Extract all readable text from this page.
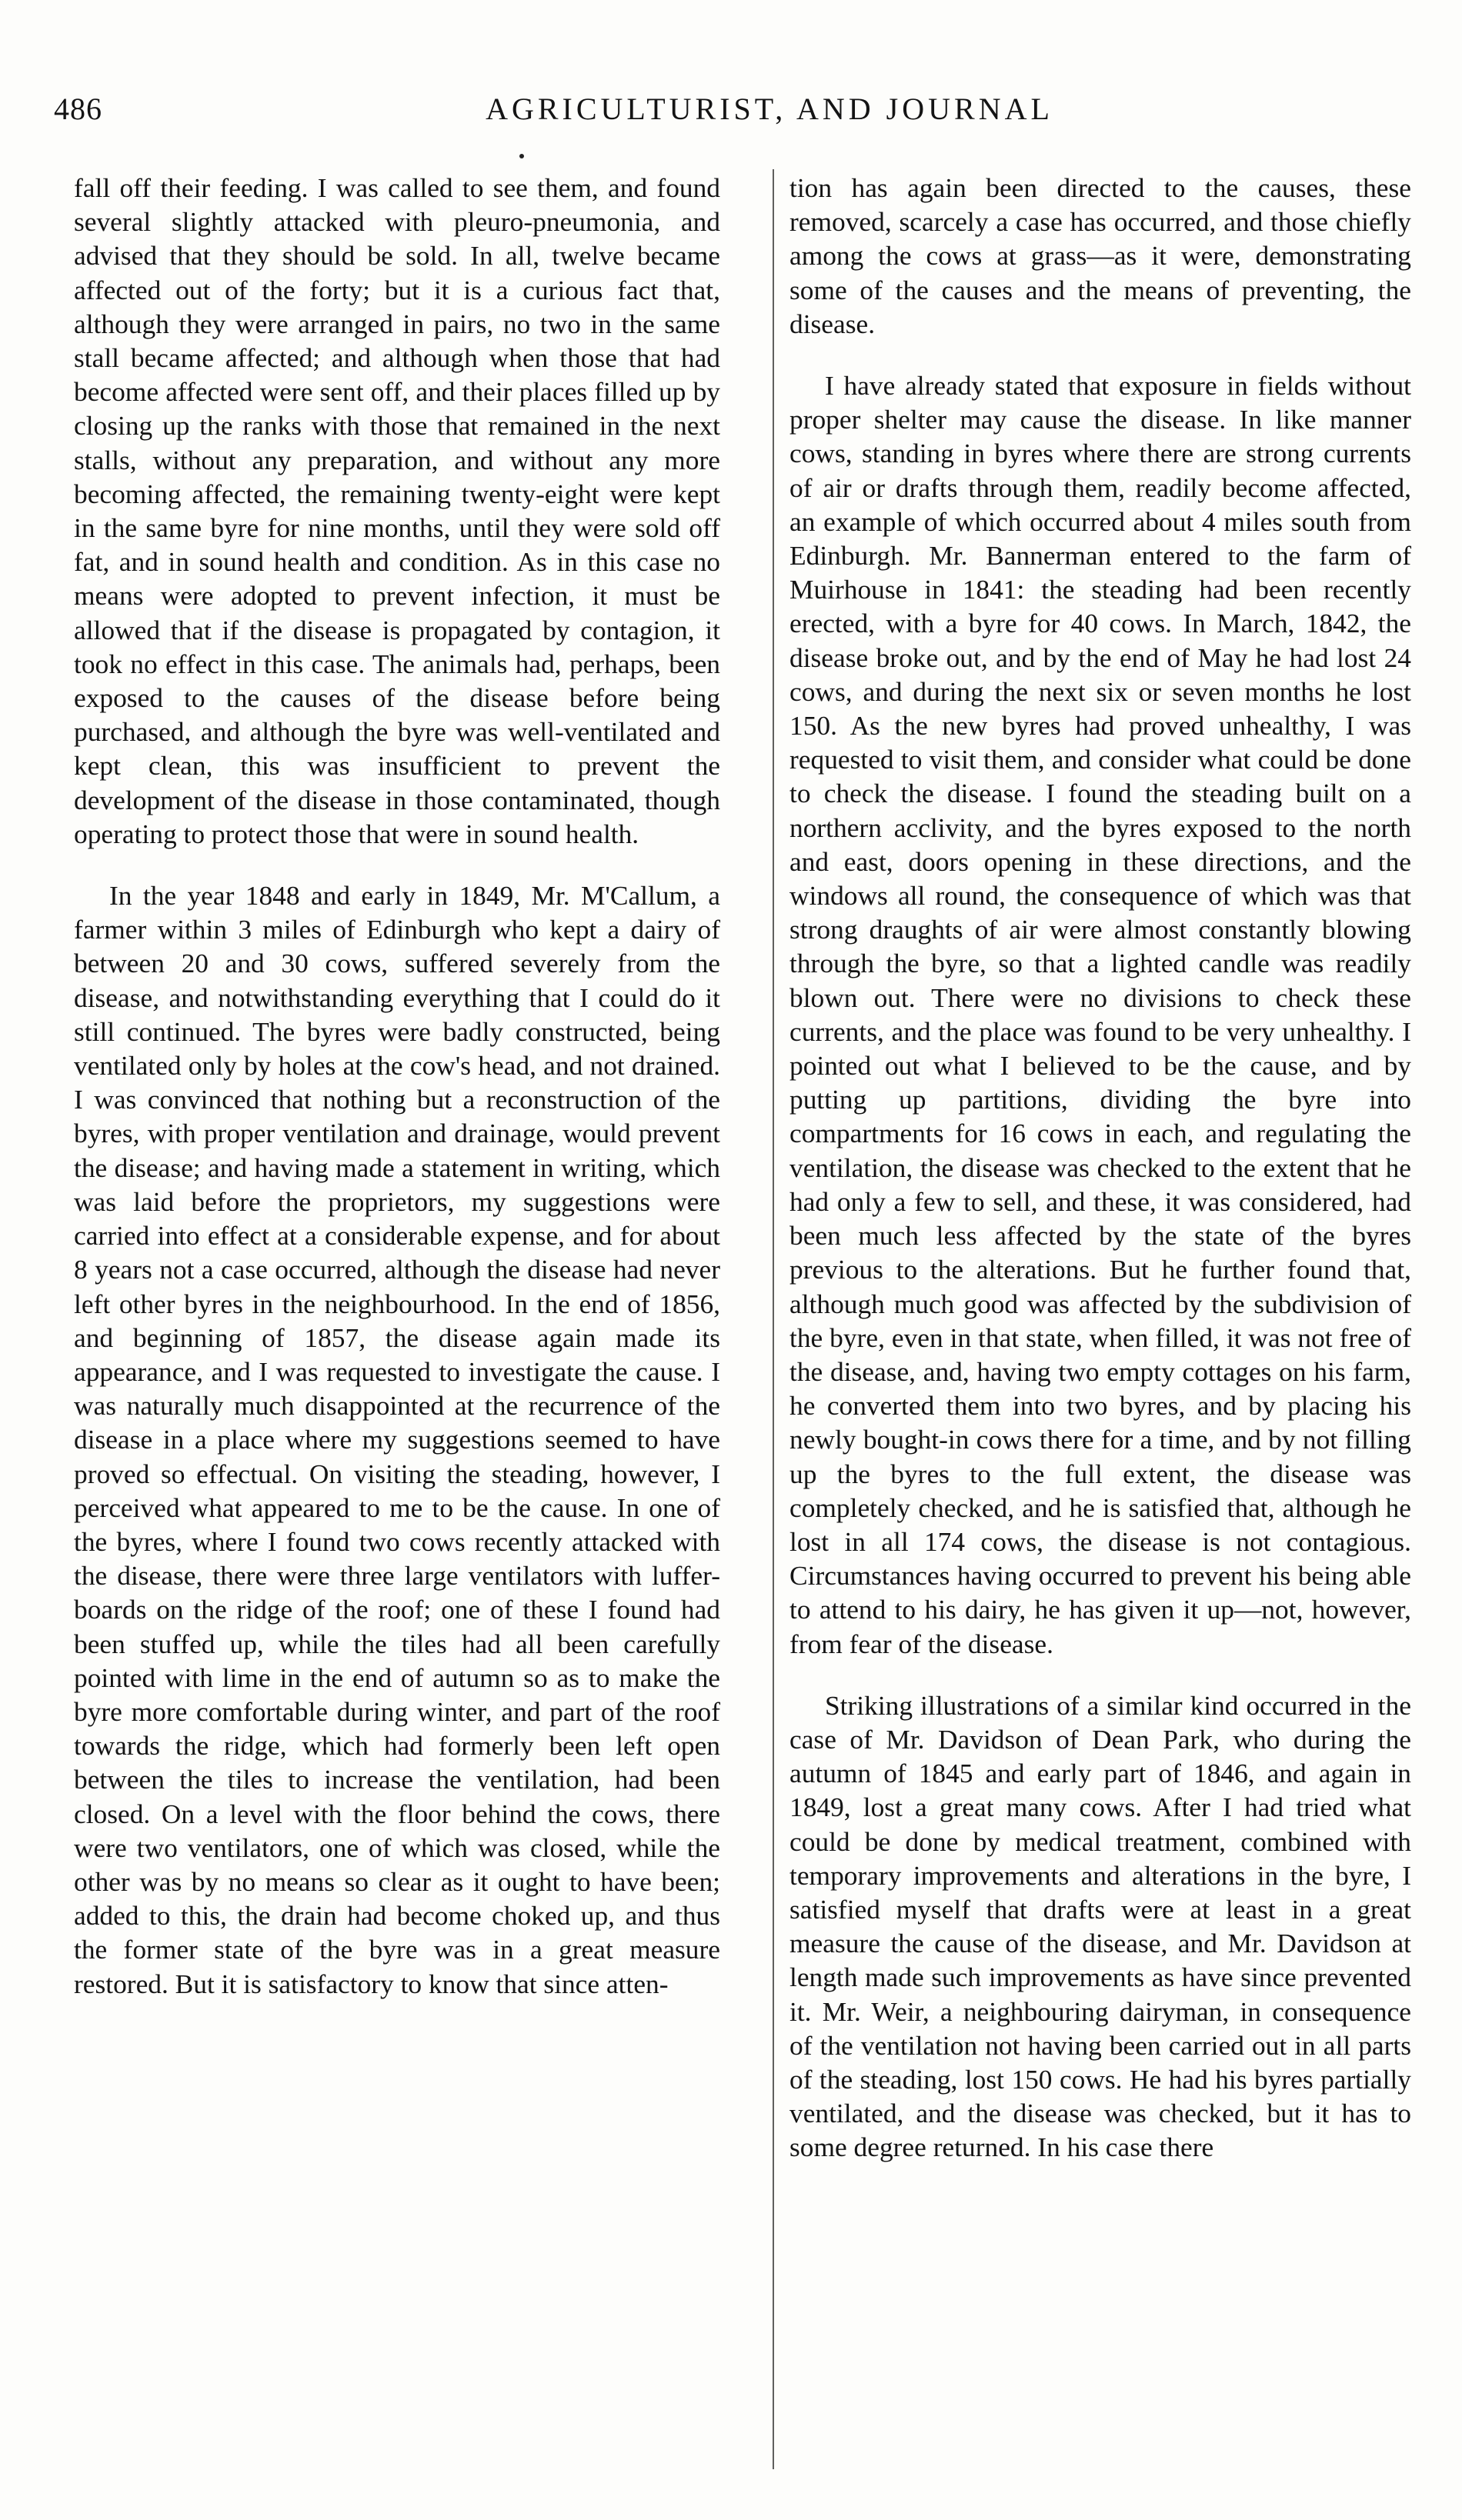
486	AGRICULTURIST, AND JOURNAL

fall off their feeding. I was called to see them, and found several slightly attacked with pleuro-pneumonia, and advised that they should be sold. In all, twelve became affected out of the forty; but it is a curious fact that, although they were arranged in pairs, no two in the same stall became affected; and although when those that had become affected were sent off, and their places filled up by closing up the ranks with those that remained in the next stalls, without any preparation, and without any more becoming affected, the remaining twenty-eight were kept in the same byre for nine months, until they were sold off fat, and in sound health and condition. As in this case no means were adopted to prevent infection, it must be allowed that if the disease is propagated by contagion, it took no effect in this case. The animals had, perhaps, been exposed to the causes of the disease before being purchased, and although the byre was well-ventilated and kept clean, this was insufficient to prevent the development of the disease in those contaminated, though operating to protect those that were in sound health.

In the year 1848 and early in 1849, Mr. M'Callum, a farmer within 3 miles of Edinburgh who kept a dairy of between 20 and 30 cows, suffered severely from the disease, and notwithstanding everything that I could do it still continued. The byres were badly constructed, being ventilated only by holes at the cow's head, and not drained. I was convinced that nothing but a reconstruction of the byres, with proper ventilation and drainage, would prevent the disease; and having made a statement in writing, which was laid before the proprietors, my suggestions were carried into effect at a considerable expense, and for about 8 years not a case occurred, although the disease had never left other byres in the neighbourhood. In the end of 1856, and beginning of 1857, the disease again made its appearance, and I was requested to investigate the cause. I was naturally much disappointed at the recurrence of the disease in a place where my suggestions seemed to have proved so effectual. On visiting the steading, however, I perceived what appeared to me to be the cause. In one of the byres, where I found two cows recently attacked with the disease, there were three large ventilators with luffer-boards on the ridge of the roof; one of these I found had been stuffed up, while the tiles had all been carefully pointed with lime in the end of autumn so as to make the byre more comfortable during winter, and part of the roof towards the ridge, which had formerly been left open between the tiles to increase the ventilation, had been closed. On a level with the floor behind the cows, there were two ventilators, one of which was closed, while the other was by no means so clear as it ought to have been; added to this, the drain had become choked up, and thus the former state of the byre was in a great measure restored. But it is satisfactory to know that since atten-

tion has again been directed to the causes, these removed, scarcely a case has occurred, and those chiefly among the cows at grass—as it were, demonstrating some of the causes and the means of preventing, the disease.

I have already stated that exposure in fields without proper shelter may cause the disease. In like manner cows, standing in byres where there are strong currents of air or drafts through them, readily become affected, an example of which occurred about 4 miles south from Edinburgh. Mr. Bannerman entered to the farm of Muirhouse in 1841: the steading had been recently erected, with a byre for 40 cows. In March, 1842, the disease broke out, and by the end of May he had lost 24 cows, and during the next six or seven months he lost 150. As the new byres had proved unhealthy, I was requested to visit them, and consider what could be done to check the disease. I found the steading built on a northern acclivity, and the byres exposed to the north and east, doors opening in these directions, and the windows all round, the consequence of which was that strong draughts of air were almost constantly blowing through the byre, so that a lighted candle was readily blown out. There were no divisions to check these currents, and the place was found to be very unhealthy. I pointed out what I believed to be the cause, and by putting up partitions, dividing the byre into compartments for 16 cows in each, and regulating the ventilation, the disease was checked to the extent that he had only a few to sell, and these, it was considered, had been much less affected by the state of the byres previous to the alterations. But he further found that, although much good was affected by the subdivision of the byre, even in that state, when filled, it was not free of the disease, and, having two empty cottages on his farm, he converted them into two byres, and by placing his newly bought-in cows there for a time, and by not filling up the byres to the full extent, the disease was completely checked, and he is satisfied that, although he lost in all 174 cows, the disease is not contagious. Circumstances having occurred to prevent his being able to attend to his dairy, he has given it up—not, however, from fear of the disease.

Striking illustrations of a similar kind occurred in the case of Mr. Davidson of Dean Park, who during the autumn of 1845 and early part of 1846, and again in 1849, lost a great many cows. After I had tried what could be done by medical treatment, combined with temporary improvements and alterations in the byre, I satisfied myself that drafts were at least in a great measure the cause of the disease, and Mr. Davidson at length made such improvements as have since prevented it. Mr. Weir, a neighbouring dairyman, in consequence of the ventilation not having been carried out in all parts of the steading, lost 150 cows. He had his byres partially ventilated, and the disease was checked, but it has to some degree returned. In his case there
